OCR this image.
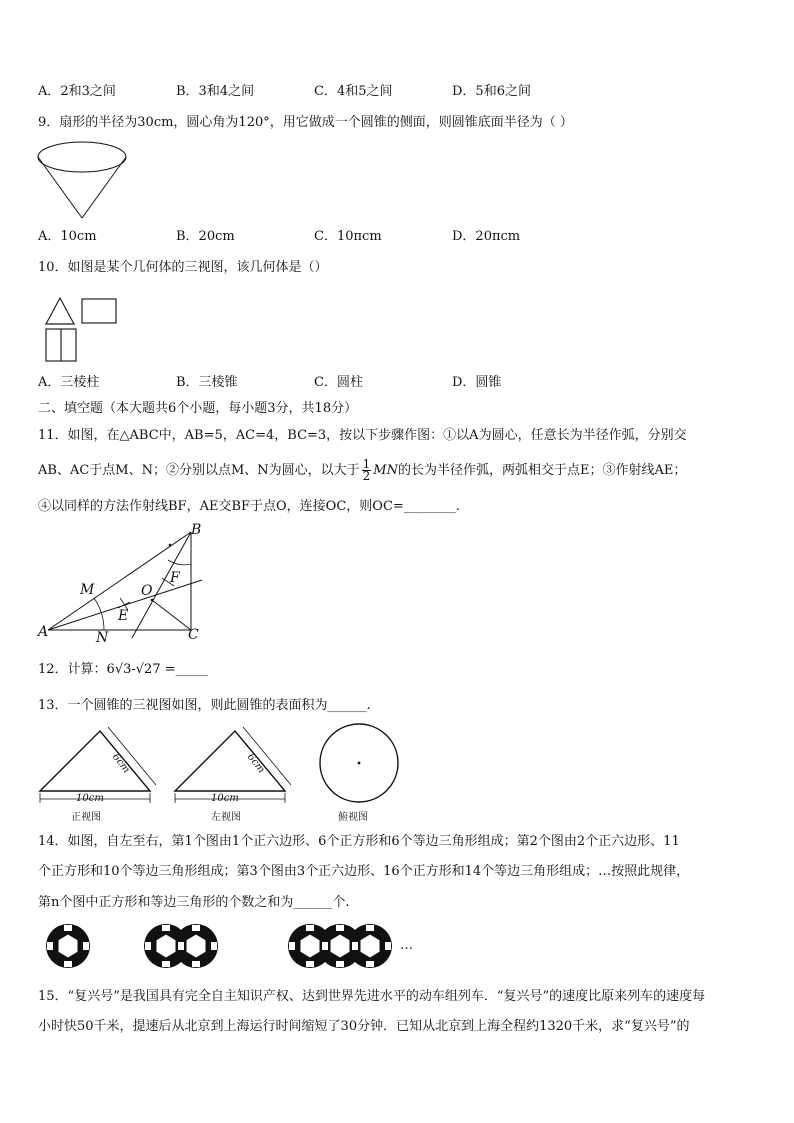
A．2和3之间	B．3和4之间	C．4和5之间	D．5和6之间
9．扇形的半径为30cm，圆心角为120°，用它做成一个圆锥的侧面，则圆锥底面半径为（ ）
A．10cm	B．20cm	C．10πcm	D．20πcm
10．如图是某个几何体的三视图，该几何体是（）
A．三棱柱	B．三棱锥	C．圆柱	D．圆锥
二、填空题（本大题共6个小题，每小题3分，共18分）
11．如图，在△ABC中，AB=5，AC=4，BC=3，按以下步骤作图：①以A为圆心，任意长为半径作弧，分别交
AB、AC于点M、N；②分别以点M、N为圆心，以大于 $\frac{1}{2}$ MN的长为半径作弧，两弧相交于点E；③作射线AE；
④以同样的方法作射线BF，AE交BF于点O，连接OC，则OC=________.
B
F
M	O
E
A	N	C
12．计算：6√3-√27 =_____
13．一个圆锥的三视图如图，则此圆锥的表面积为______.
6cm
10cm
正视图
6cm
10cm
左视图	俯视图
14．如图，自左至右，第1个图由1个正六边形、6个正方形和6个等边三角形组成；第2个图由2个正六边形、11
个正方形和10个等边三角形组成；第3个图由3个正六边形、16个正方形和14个等边三角形组成；…按照此规律，
第n个图中正方形和等边三角形的个数之和为______个.
…
15．“复兴号”是我国具有完全自主知识产权、达到世界先进水平的动车组列车．“复兴号”的速度比原来列车的速度每
小时快50千米，提速后从北京到上海运行时间缩短了30分钟．已知从北京到上海全程约1320千米，求“复兴号”的
